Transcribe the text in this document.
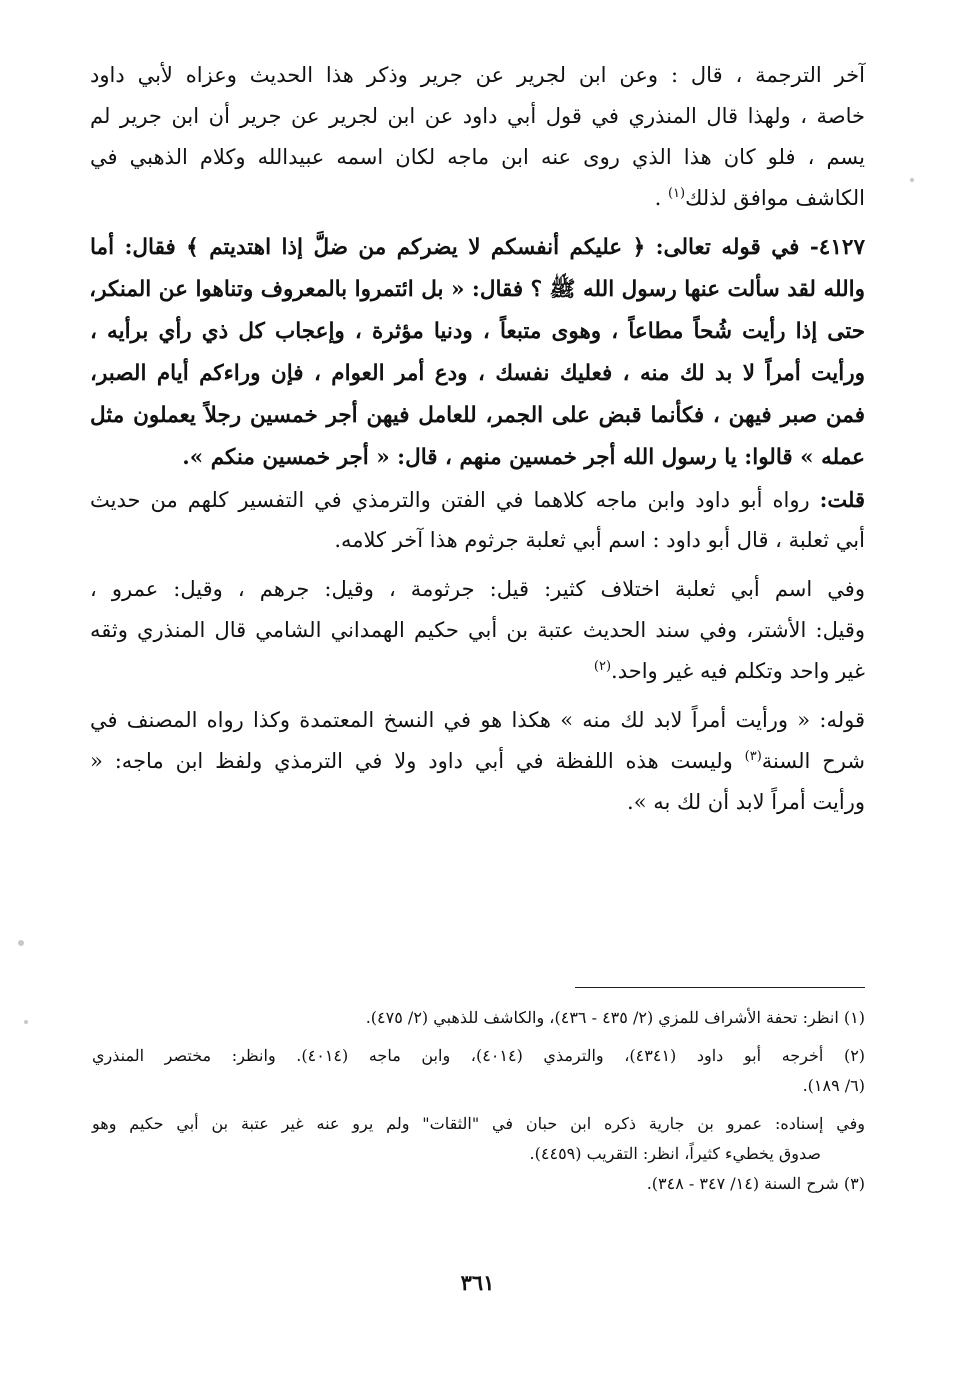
آخر الترجمة ، قال : وعن ابن لجرير عن جرير وذكر هذا الحديث وعزاه لأبي داود
خاصة ، ولهذا قال المنذري في قول أبي داود عن ابن لجرير عن جرير أن ابن جرير لم
يسم ، فلو كان هذا الذي روى عنه ابن ماجه لكان اسمه عبيدالله وكلام الذهبي في
الكاشف موافق لذلك$^{(١)}$ .
٤١٢٧- في قوله تعالى: ﴿ عليكم أنفسكم لا يضركم من ضلَّ إذا اهتديتم ﴾ فقال: أما
والله لقد سألت عنها رسول الله ﷺ ؟ فقال: « بل ائتمروا بالمعروف وتناهوا عن المنكر،
حتى إذا رأيت شُحاً مطاعاً ، وهوى متبعاً ، ودنيا مؤثرة ، وإعجاب كل ذي رأي برأيه ،
ورأيت أمراً لا بد لك منه ، فعليك نفسك ، ودع أمر العوام ، فإن وراءكم أيام الصبر،
فمن صبر فيهن ، فكأنما قبض على الجمر، للعامل فيهن أجر خمسين رجلاً يعملون مثل
عمله » قالوا: يا رسول الله أجر خمسين منهم ، قال: « أجر خمسين منكم ».
قلت: رواه أبو داود وابن ماجه كلاهما في الفتن والترمذي في التفسير كلهم من حديث
أبي ثعلبة ، قال أبو داود : اسم أبي ثعلبة جرثوم هذا آخر كلامه.
وفي اسم أبي ثعلبة اختلاف كثير: قيل: جرثومة ، وقيل: جرهم ، وقيل: عمرو ،
وقيل: الأشتر، وفي سند الحديث عتبة بن أبي حكيم الهمداني الشامي قال المنذري وثقه
غير واحد وتكلم فيه غير واحد.$^{(٢)}$
قوله: « ورأيت أمراً لابد لك منه » هكذا هو في النسخ المعتمدة وكذا رواه المصنف في
شرح السنة$^{(٣)}$ وليست هذه اللفظة في أبي داود ولا في الترمذي ولفظ ابن ماجه: «
ورأيت أمراً لابد أن لك به ».
(١) انظر: تحفة الأشراف للمزي (٢/ ٤٣٥ - ٤٣٦)، والكاشف للذهبي (٢/ ٤٧٥).
(٢) أخرجه أبو داود (٤٣٤١)، والترمذي (٤٠١٤)، وابن ماجه (٤٠١٤). وانظر: مختصر المنذري
(٦/ ١٨٩).
وفي إسناده: عمرو بن جارية ذكره ابن حبان في "الثقات" ولم يرو عنه غير عتبة بن أبي حكيم وهو
صدوق يخطيء كثيراً، انظر: التقريب (٤٤٥٩).
(٣) شرح السنة (١٤/ ٣٤٧ - ٣٤٨).
٣٦١
